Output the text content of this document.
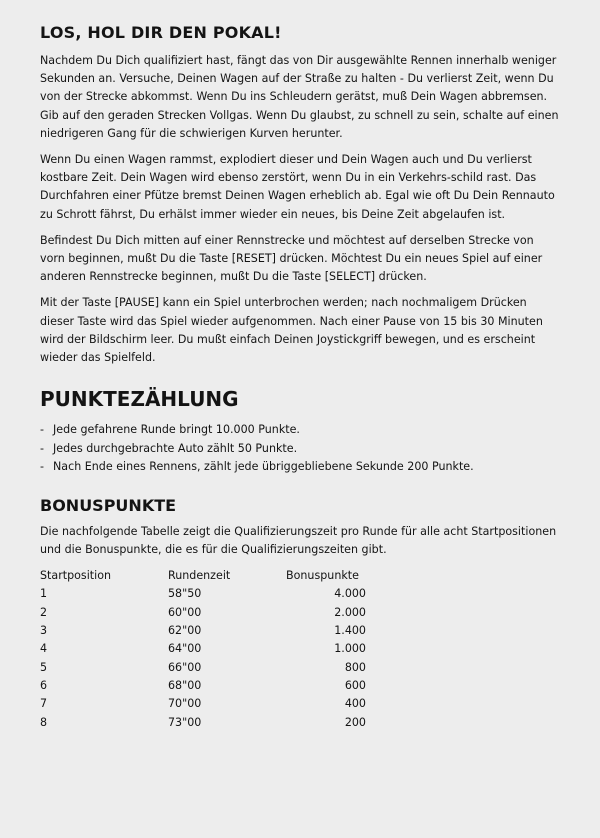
LOS, HOL DIR DEN POKAL!

Nachdem Du Dich qualifiziert hast, fängt das von Dir ausgewählte Rennen innerhalb weniger Sekunden an. Versuche, Deinen Wagen auf der Straße zu halten - Du verlierst Zeit, wenn Du von der Strecke abkommst. Wenn Du ins Schleudern gerätst, muß Dein Wagen abbremsen. Gib auf den geraden Strecken Vollgas. Wenn Du glaubst, zu schnell zu sein, schalte auf einen niedrigeren Gang für die schwierigen Kurven herunter.

Wenn Du einen Wagen rammst, explodiert dieser und Dein Wagen auch und Du verlierst kostbare Zeit. Dein Wagen wird ebenso zerstört, wenn Du in ein Verkehrs-schild rast. Das Durchfahren einer Pfütze bremst Deinen Wagen erheblich ab. Egal wie oft Du Dein Rennauto zu Schrott fährst, Du erhälst immer wieder ein neues, bis Deine Zeit abgelaufen ist.

Befindest Du Dich mitten auf einer Rennstrecke und möchtest auf derselben Strecke von vorn beginnen, mußt Du die Taste [RESET] drücken. Möchtest Du ein neues Spiel auf einer anderen Rennstrecke beginnen, mußt Du die Taste [SELECT] drücken.

Mit der Taste [PAUSE] kann ein Spiel unterbrochen werden; nach nochmaligem Drücken dieser Taste wird das Spiel wieder aufgenommen. Nach einer Pause von 15 bis 30 Minuten wird der Bildschirm leer. Du mußt einfach Deinen Joystickgriff bewegen, und es erscheint wieder das Spielfeld.

PUNKTEZÄHLUNG
- Jede gefahrene Runde bringt 10.000 Punkte.
- Jedes durchgebrachte Auto zählt 50 Punkte.
- Nach Ende eines Rennens, zählt jede übriggebliebene Sekunde 200 Punkte.
BONUSPUNKTE

Die nachfolgende Tabelle zeigt die Qualifizierungszeit pro Runde für alle acht Startpositionen und die Bonuspunkte, die es für die Qualifizierungszeiten gibt.

Startposition	Rundenzeit	Bonuspunkte
1	58"50	4.000
2	60"00	2.000
3	62"00	1.400
4	64"00	1.000
5	66"00	800
6	68"00	600
7	70"00	400
8	73"00	200
